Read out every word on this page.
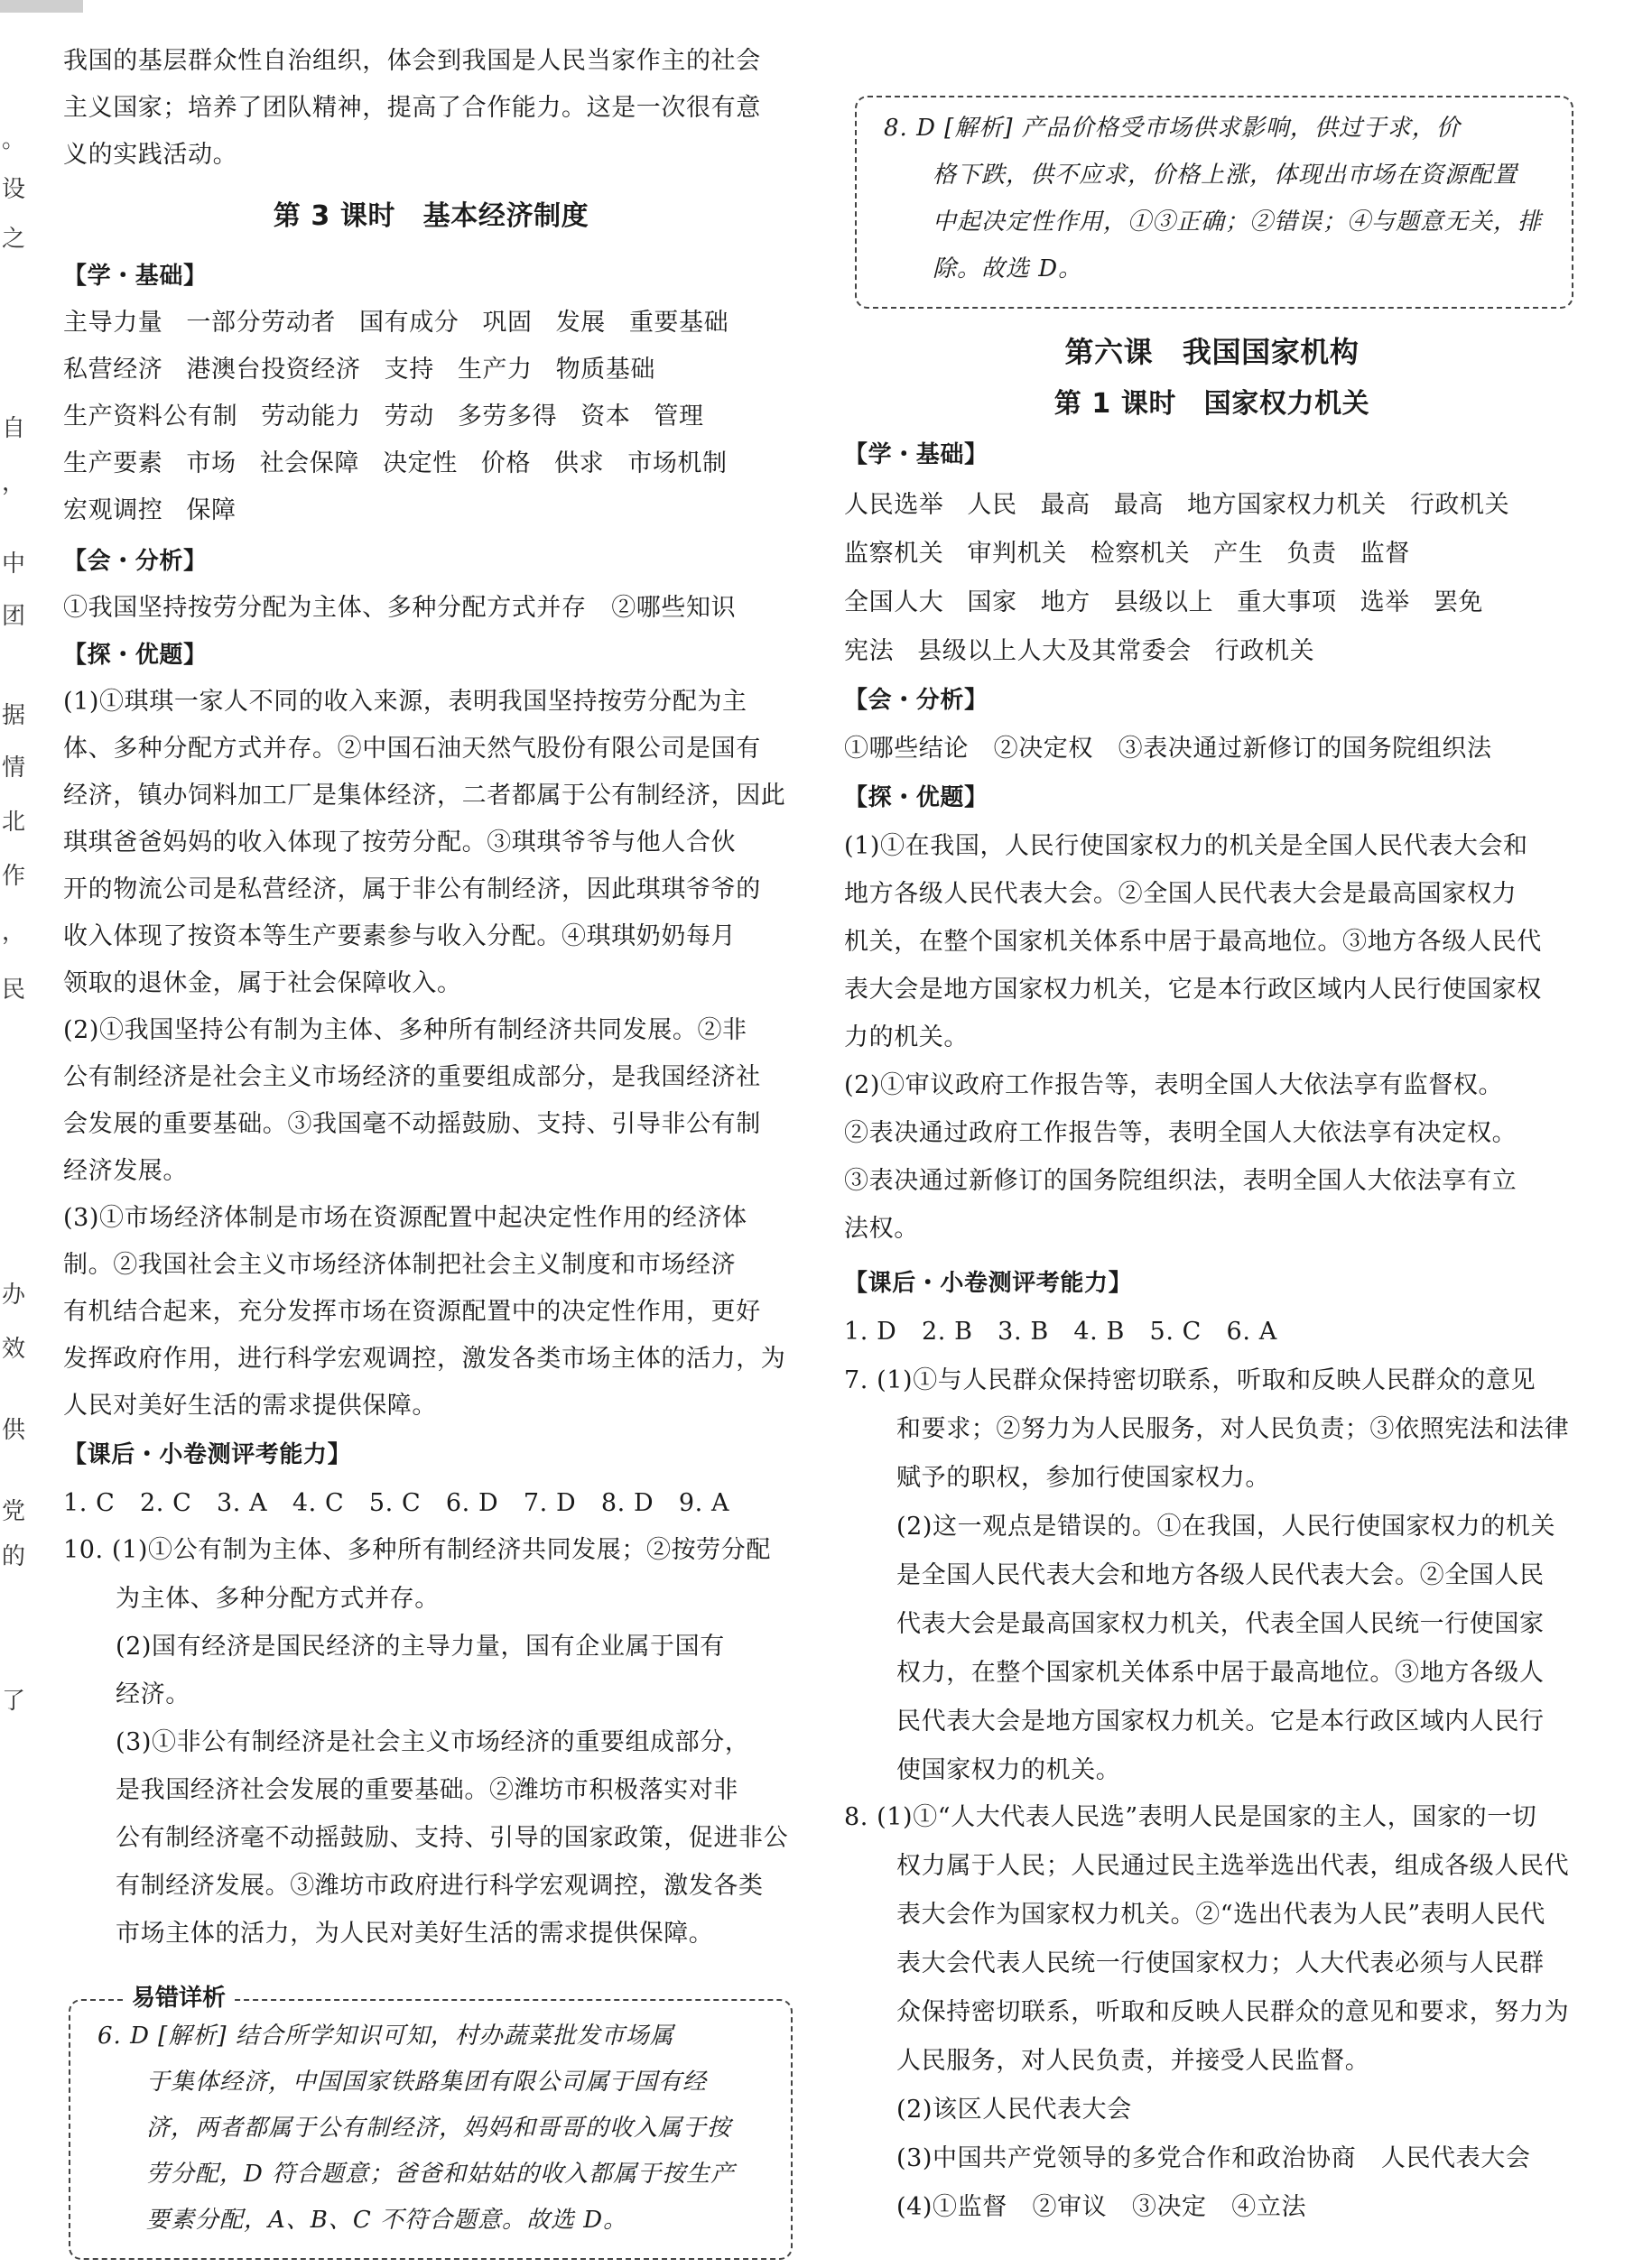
。
设
之
自
，
中
团
据
情
北
作
，
民
办
效
供
党
的
了
我国的基层群众性自治组织，体会到我国是人民当家作主的社会
主义国家；培养了团队精神，提高了合作能力。这是一次很有意
义的实践活动。
第 3 课时　基本经济制度
【学・基础】
主导力量 一部分劳动者 国有成分 巩固 发展 重要基础
私营经济 港澳台投资经济 支持 生产力 物质基础
生产资料公有制 劳动能力 劳动 多劳多得 资本 管理
生产要素 市场 社会保障 决定性 价格 供求 市场机制
宏观调控 保障
【会・分析】
①我国坚持按劳分配为主体、多种分配方式并存　②哪些知识
【探・优题】
(1)①琪琪一家人不同的收入来源，表明我国坚持按劳分配为主
体、多种分配方式并存。②中国石油天然气股份有限公司是国有
经济，镇办饲料加工厂是集体经济，二者都属于公有制经济，因此
琪琪爸爸妈妈的收入体现了按劳分配。③琪琪爷爷与他人合伙
开的物流公司是私营经济，属于非公有制经济，因此琪琪爷爷的
收入体现了按资本等生产要素参与收入分配。④琪琪奶奶每月
领取的退休金，属于社会保障收入。
(2)①我国坚持公有制为主体、多种所有制经济共同发展。②非
公有制经济是社会主义市场经济的重要组成部分，是我国经济社
会发展的重要基础。③我国毫不动摇鼓励、支持、引导非公有制
经济发展。
(3)①市场经济体制是市场在资源配置中起决定性作用的经济体
制。②我国社会主义市场经济体制把社会主义制度和市场经济
有机结合起来，充分发挥市场在资源配置中的决定性作用，更好
发挥政府作用，进行科学宏观调控，激发各类市场主体的活力，为
人民对美好生活的需求提供保障。
【课后・小卷测评考能力】
1. C　2. C　3. A　4. C　5. C　6. D　7. D　8. D　9. A
10. (1)①公有制为主体、多种所有制经济共同发展；②按劳分配
为主体、多种分配方式并存。
(2)国有经济是国民经济的主导力量，国有企业属于国有
经济。
(3)①非公有制经济是社会主义市场经济的重要组成部分，
是我国经济社会发展的重要基础。②潍坊市积极落实对非
公有制经济毫不动摇鼓励、支持、引导的国家政策，促进非公
有制经济发展。③潍坊市政府进行科学宏观调控，激发各类
市场主体的活力，为人民对美好生活的需求提供保障。
易错详析
6. D [解析] 结合所学知识可知，村办蔬菜批发市场属
于集体经济，中国国家铁路集团有限公司属于国有经
济，两者都属于公有制经济，妈妈和哥哥的收入属于按
劳分配，D 符合题意；爸爸和姑姑的收入都属于按生产
要素分配，A、B、C 不符合题意。故选 D。
8. D [解析] 产品价格受市场供求影响，供过于求，价
格下跌，供不应求，价格上涨，体现出市场在资源配置
中起决定性作用，①③正确；②错误；④与题意无关，排
除。故选 D。
第六课　我国国家机构
第 1 课时　国家权力机关
【学・基础】
人民选举 人民 最高 最高 地方国家权力机关 行政机关
监察机关 审判机关 检察机关 产生 负责 监督
全国人大 国家 地方 县级以上 重大事项 选举 罢免
宪法 县级以上人大及其常委会 行政机关
【会・分析】
①哪些结论　②决定权　③表决通过新修订的国务院组织法
【探・优题】
(1)①在我国，人民行使国家权力的机关是全国人民代表大会和
地方各级人民代表大会。②全国人民代表大会是最高国家权力
机关，在整个国家机关体系中居于最高地位。③地方各级人民代
表大会是地方国家权力机关，它是本行政区域内人民行使国家权
力的机关。
(2)①审议政府工作报告等，表明全国人大依法享有监督权。
②表决通过政府工作报告等，表明全国人大依法享有决定权。
③表决通过新修订的国务院组织法，表明全国人大依法享有立
法权。
【课后・小卷测评考能力】
1. D　2. B　3. B　4. B　5. C　6. A
7. (1)①与人民群众保持密切联系，听取和反映人民群众的意见
和要求；②努力为人民服务，对人民负责；③依照宪法和法律
赋予的职权，参加行使国家权力。
(2)这一观点是错误的。①在我国，人民行使国家权力的机关
是全国人民代表大会和地方各级人民代表大会。②全国人民
代表大会是最高国家权力机关，代表全国人民统一行使国家
权力，在整个国家机关体系中居于最高地位。③地方各级人
民代表大会是地方国家权力机关。它是本行政区域内人民行
使国家权力的机关。
8. (1)①“人大代表人民选”表明人民是国家的主人，国家的一切
权力属于人民；人民通过民主选举选出代表，组成各级人民代
表大会作为国家权力机关。②“选出代表为人民”表明人民代
表大会代表人民统一行使国家权力；人大代表必须与人民群
众保持密切联系，听取和反映人民群众的意见和要求，努力为
人民服务，对人民负责，并接受人民监督。
(2)该区人民代表大会
(3)中国共产党领导的多党合作和政治协商　人民代表大会
(4)①监督　②审议　③决定　④立法
